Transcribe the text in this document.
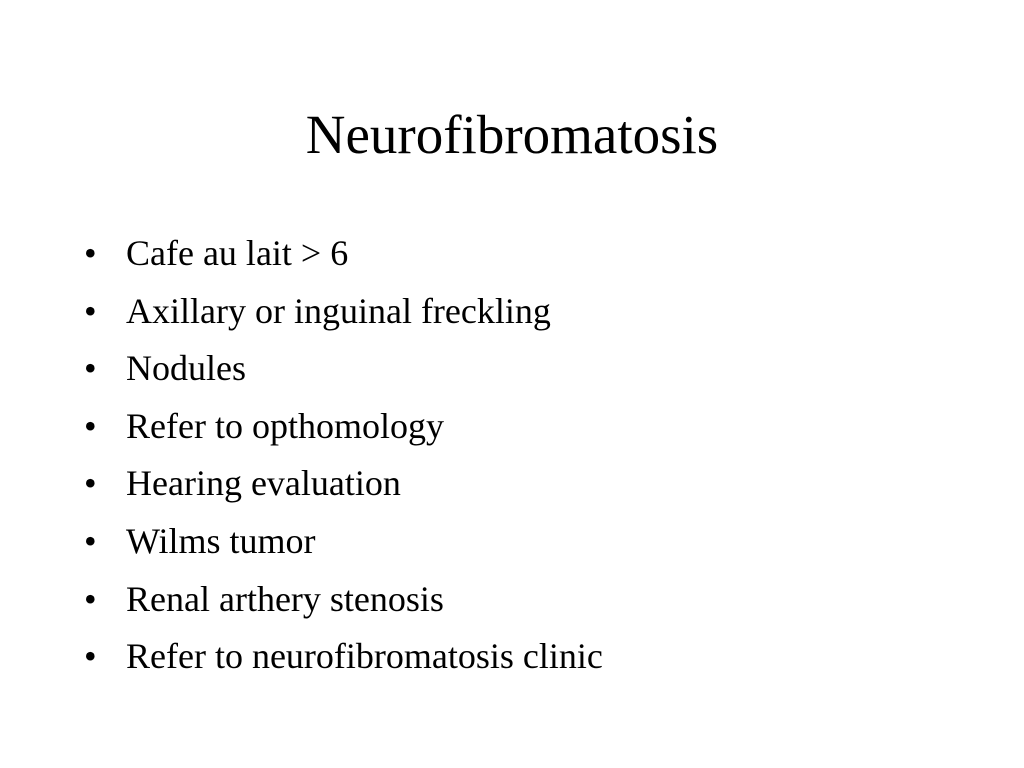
Neurofibromatosis
• Cafe au lait > 6
• Axillary or inguinal freckling
• Nodules
• Refer to opthomology
• Hearing evaluation
• Wilms tumor
• Renal arthery stenosis
• Refer to neurofibromatosis clinic
